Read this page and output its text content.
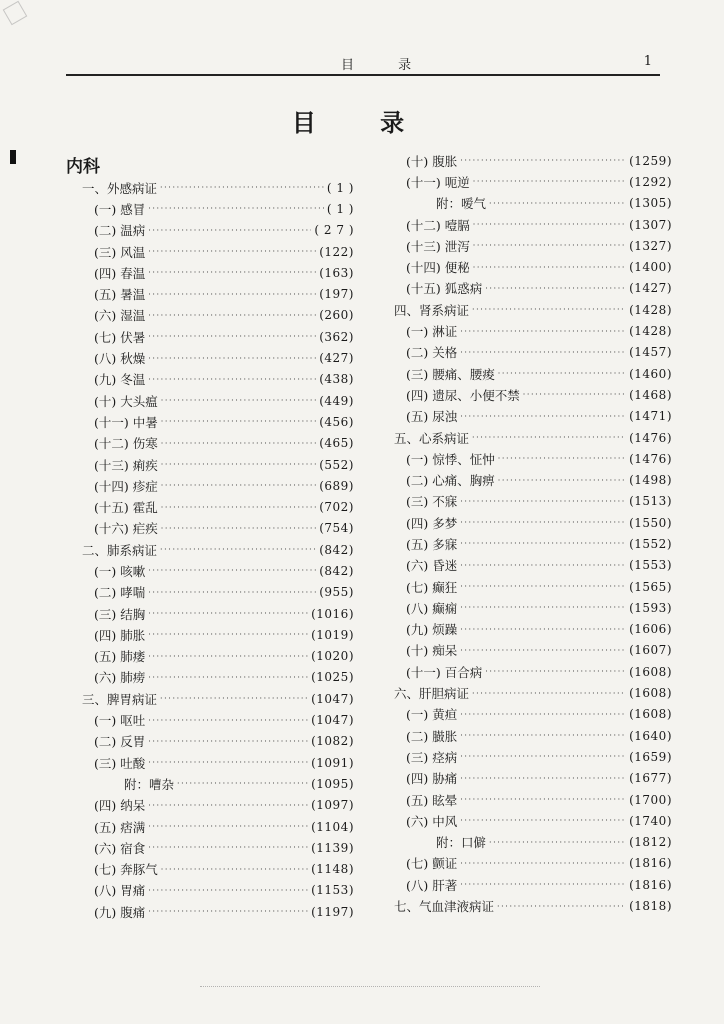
目 录	1
目 录
内科
一、外感病证 ·····	( 1 )
(一) 感冒 ·····	( 1 )
(二) 温病 ·····	( 2 7 )
(三) 风温 ·····	(122)
(四) 春温 ·····	(163)
(五) 暑温 ·····	(197)
(六) 湿温 ·····	(260)
(七) 伏暑 ·····	(362)
(八) 秋燥 ·····	(427)
(九) 冬温 ·····	(438)
(十) 大头瘟 ·····	(449)
(十一) 中暑 ·····	(456)
(十二) 伤寒 ·····	(465)
(十三) 痢疾 ·····	(552)
(十四) 疹症 ·····	(689)
(十五) 霍乱 ·····	(702)
(十六) 疟疾 ·····	(754)
二、肺系病证 ·····	(842)
(一) 咳嗽 ·····	(842)
(二) 哮喘 ·····	(955)
(三) 结胸 ·····	(1016)
(四) 肺胀 ·····	(1019)
(五) 肺痿 ·····	(1020)
(六) 肺痨 ·····	(1025)
三、脾胃病证 ·····	(1047)
(一) 呕吐 ·····	(1047)
(二) 反胃 ·····	(1082)
(三) 吐酸 ·····	(1091)
附：嘈杂 ·····	(1095)
(四) 纳呆 ·····	(1097)
(五) 痞满 ·····	(1104)
(六) 宿食 ·····	(1139)
(七) 奔豚气 ·····	(1148)
(八) 胃痛 ·····	(1153)
(九) 腹痛 ·····	(1197)
(十) 腹胀 ·····	(1259)
(十一) 呃逆 ·····	(1292)
附：嗳气 ·····	(1305)
(十二) 噎膈 ·····	(1307)
(十三) 泄泻 ·····	(1327)
(十四) 便秘 ·····	(1400)
(十五) 狐惑病 ·····	(1427)
四、肾系病证 ·····	(1428)
(一) 淋证 ·····	(1428)
(二) 关格 ·····	(1457)
(三) 腰痛、腰痠 ·····	(1460)
(四) 遗尿、小便不禁 ·····	(1468)
(五) 尿浊 ·····	(1471)
五、心系病证 ·····	(1476)
(一) 惊悸、怔忡 ·····	(1476)
(二) 心痛、胸痹 ·····	(1498)
(三) 不寐 ·····	(1513)
(四) 多梦 ·····	(1550)
(五) 多寐 ·····	(1552)
(六) 昏迷 ·····	(1553)
(七) 癫狂 ·····	(1565)
(八) 癫痫 ·····	(1593)
(九) 烦躁 ·····	(1606)
(十) 痴呆 ·····	(1607)
(十一) 百合病 ·····	(1608)
六、肝胆病证 ·····	(1608)
(一) 黄疸 ·····	(1608)
(二) 臌胀 ·····	(1640)
(三) 痉病 ·····	(1659)
(四) 胁痛 ·····	(1677)
(五) 眩晕 ·····	(1700)
(六) 中风 ·····	(1740)
附：口僻 ·····	(1812)
(七) 颤证 ·····	(1816)
(八) 肝著 ·····	(1816)
七、气血津液病证 ·····	(1818)
